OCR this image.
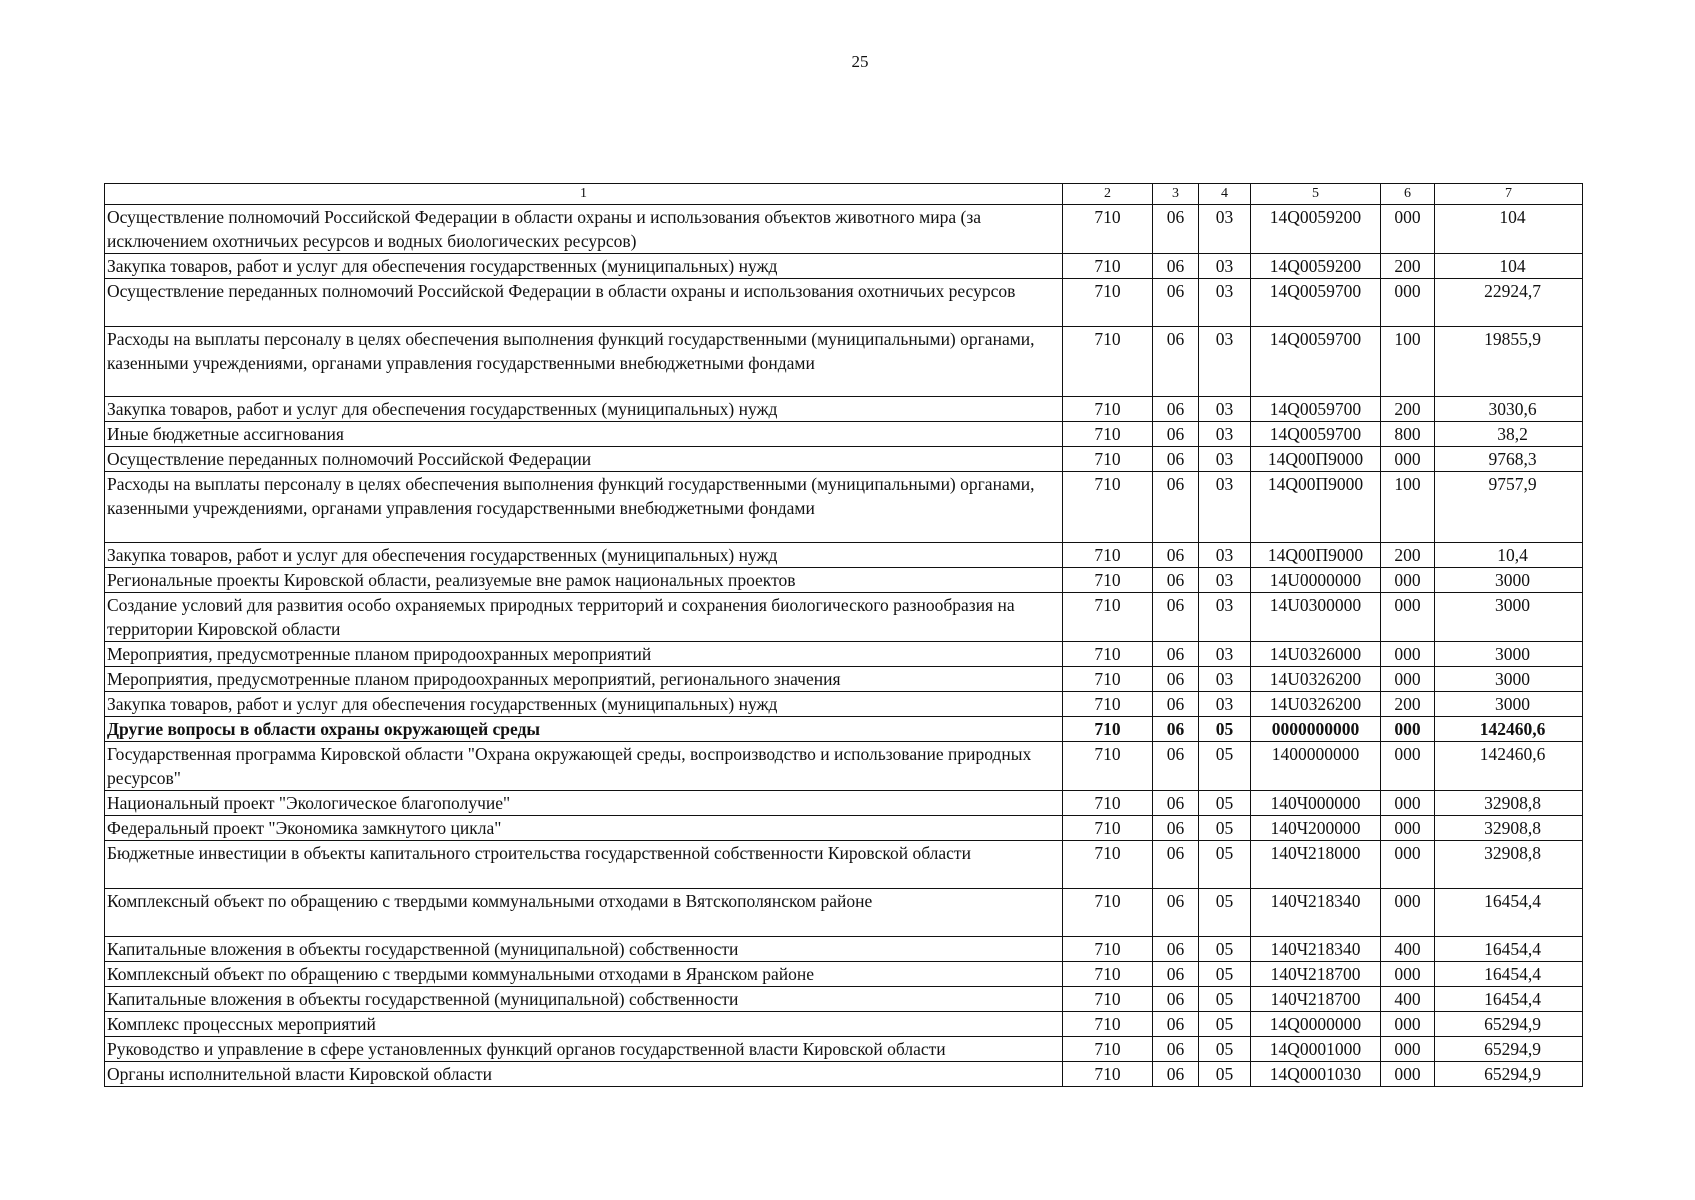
25
1	2	3	4	5	6	7
Осуществление полномочий Российской Федерации в области охраны и использования объектов животного мира (за исключением охотничьих ресурсов и водных биологических ресурсов)	710	06	03	14Q0059200	000	104
Закупка товаров, работ и услуг для обеспечения государственных (муниципальных) нужд	710	06	03	14Q0059200	200	104
Осуществление переданных полномочий Российской Федерации в области охраны и использования охотничьих ресурсов	710	06	03	14Q0059700	000	22924,7
Расходы на выплаты персоналу в целях обеспечения выполнения функций государственными (муниципальными) органами, казенными учреждениями, органами управления государственными внебюджетными фондами	710	06	03	14Q0059700	100	19855,9
Закупка товаров, работ и услуг для обеспечения государственных (муниципальных) нужд	710	06	03	14Q0059700	200	3030,6
Иные бюджетные ассигнования	710	06	03	14Q0059700	800	38,2
Осуществление переданных полномочий Российской Федерации	710	06	03	14Q00П9000	000	9768,3
Расходы на выплаты персоналу в целях обеспечения выполнения функций государственными (муниципальными) органами, казенными учреждениями, органами управления государственными внебюджетными фондами	710	06	03	14Q00П9000	100	9757,9
Закупка товаров, работ и услуг для обеспечения государственных (муниципальных) нужд	710	06	03	14Q00П9000	200	10,4
Региональные проекты Кировской области, реализуемые вне рамок национальных проектов	710	06	03	14U0000000	000	3000
Создание условий для развития особо охраняемых природных территорий и сохранения биологического разнообразия на территории Кировской области	710	06	03	14U0300000	000	3000
Мероприятия, предусмотренные планом природоохранных мероприятий	710	06	03	14U0326000	000	3000
Мероприятия, предусмотренные планом природоохранных мероприятий, регионального значения	710	06	03	14U0326200	000	3000
Закупка товаров, работ и услуг для обеспечения государственных (муниципальных) нужд	710	06	03	14U0326200	200	3000
Другие вопросы в области охраны окружающей среды	710	06	05	0000000000	000	142460,6
Государственная программа Кировской области "Охрана окружающей среды, воспроизводство и использование природных ресурсов"	710	06	05	1400000000	000	142460,6
Национальный проект "Экологическое благополучие"	710	06	05	140Ч000000	000	32908,8
Федеральный проект "Экономика замкнутого цикла"	710	06	05	140Ч200000	000	32908,8
Бюджетные инвестиции в объекты капитального строительства государственной собственности Кировской области	710	06	05	140Ч218000	000	32908,8
Комплексный объект по обращению с твердыми коммунальными отходами в Вятскополянском районе	710	06	05	140Ч218340	000	16454,4
Капитальные вложения в объекты государственной (муниципальной) собственности	710	06	05	140Ч218340	400	16454,4
Комплексный объект по обращению с твердыми коммунальными отходами в Яранском районе	710	06	05	140Ч218700	000	16454,4
Капитальные вложения в объекты государственной (муниципальной) собственности	710	06	05	140Ч218700	400	16454,4
Комплекс процессных мероприятий	710	06	05	14Q0000000	000	65294,9
Руководство и управление в сфере установленных функций органов государственной власти Кировской области	710	06	05	14Q0001000	000	65294,9
Органы исполнительной власти Кировской области	710	06	05	14Q0001030	000	65294,9
